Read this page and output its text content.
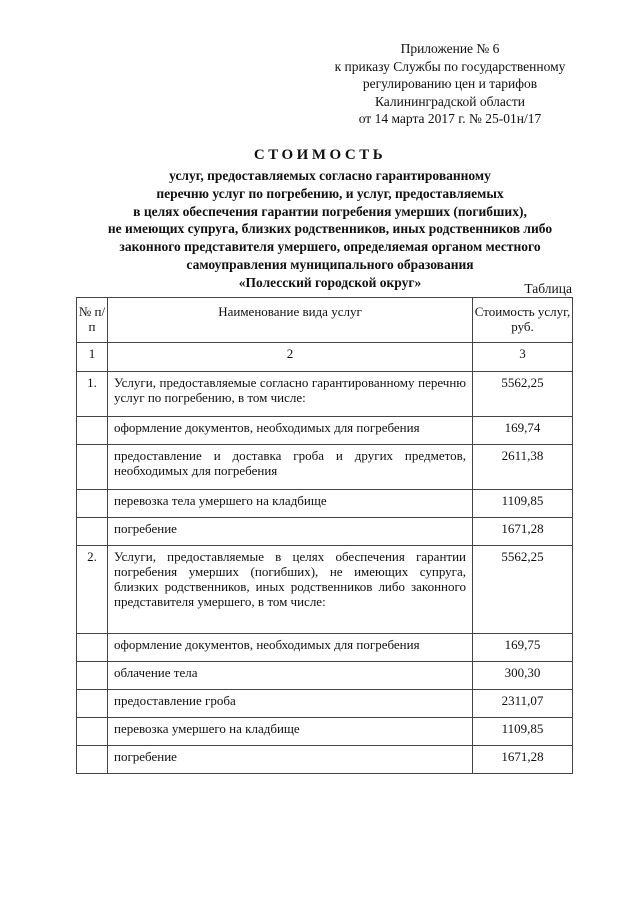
Приложение № 6
к приказу Службы по государственному
регулированию цен и тарифов
Калининградской области
от 14 марта 2017 г. № 25-01н/17
СТОИМОСТЬ
услуг, предоставляемых согласно гарантированному
перечню услуг по погребению, и услуг, предоставляемых
в целях обеспечения гарантии погребения умерших (погибших),
не имеющих супруга, близких родственников, иных родственников либо
законного представителя умершего, определяемая органом местного
самоуправления муниципального образования
«Полесский городской округ»	Таблица
№ п/п	Наименование вида услуг	Стоимость услуг, руб.
1	2	3
1.	Услуги, предоставляемые согласно гарантированному перечню услуг по погребению, в том числе:	5562,25
	оформление документов, необходимых для погребения	169,74
	предоставление и доставка гроба и других предметов, необходимых для погребения	2611,38
	перевозка тела умершего на кладбище	1109,85
	погребение	1671,28
2.	Услуги, предоставляемые в целях обеспечения гарантии погребения умерших (погибших), не имеющих супруга, близких родственников, иных родственников либо законного представителя умершего, в том числе:	5562,25
	оформление документов, необходимых для погребения	169,75
	облачение тела	300,30
	предоставление гроба	2311,07
	перевозка умершего на кладбище	1109,85
	погребение	1671,28
